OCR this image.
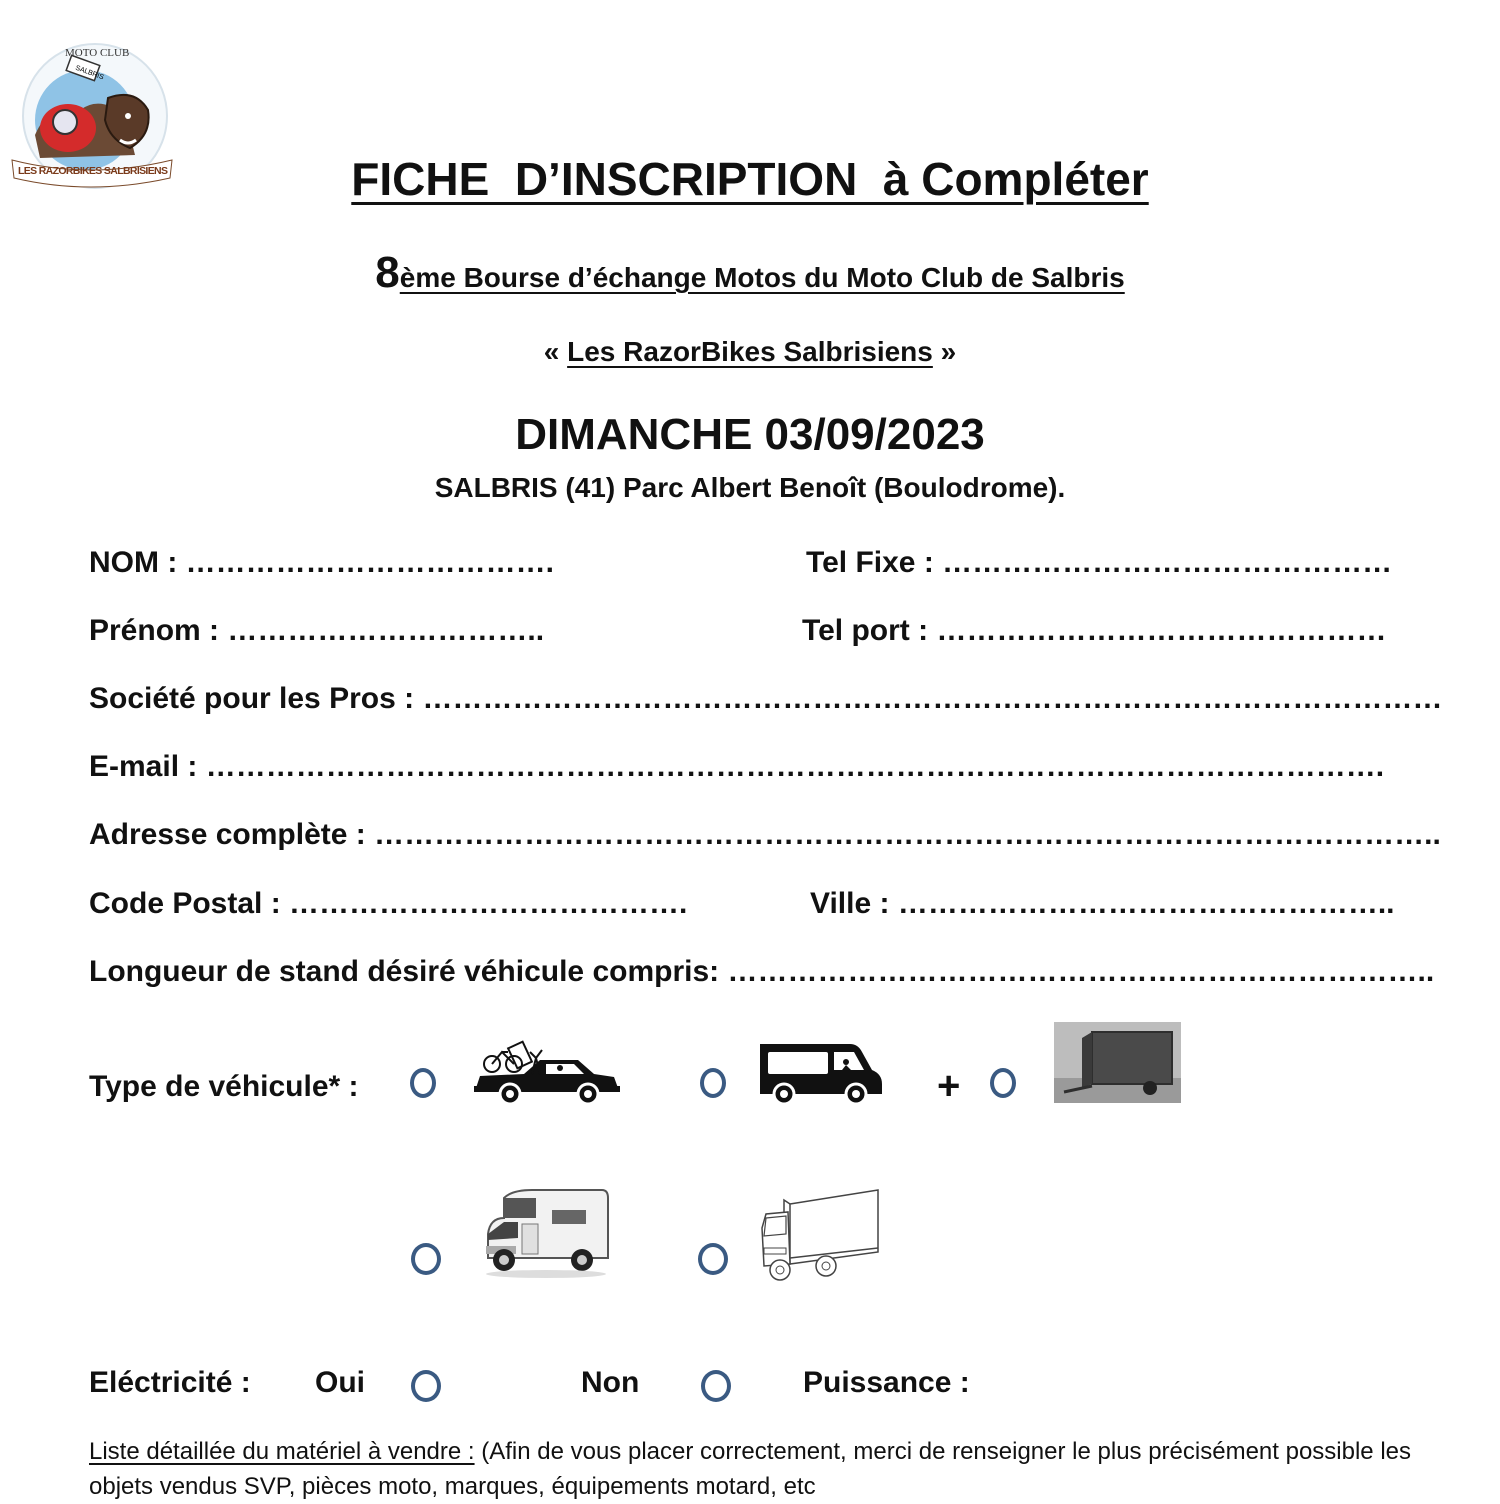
SALBRIS
MOTO CLUB
LES RAZORBIKES SALBRISIENS	FICHE  D’INSCRIPTION  à Compléter
8ème Bourse d’échange Motos du Moto Club de Salbris
« Les RazorBikes Salbrisiens »
DIMANCHE 03/09/2023
SALBRIS (41) Parc Albert Benoît (Boulodrome).
NOM : ……………………………….	Tel Fixe : ………………………………………
Prénom : …………………………..	Tel port : ………………………………………
Société pour les Pros : …………………………………………………………………………………………
E-mail : ……………………………………………………………………………………………………….
Adresse complète : ……………………………………………………………………………………………..
Code Postal : ………………………………….	Ville : …………………………………………..
Longueur de stand désiré véhicule compris: ……………………………………………………………..
Type de véhicule* :	+
Eléctricité : Oui	Non	Puissance :
Liste détaillée du matériel à vendre : (Afin de vous placer correctement, merci de renseigner le plus précisément possible les objets vendus SVP, pièces moto, marques, équipements motard, etc
